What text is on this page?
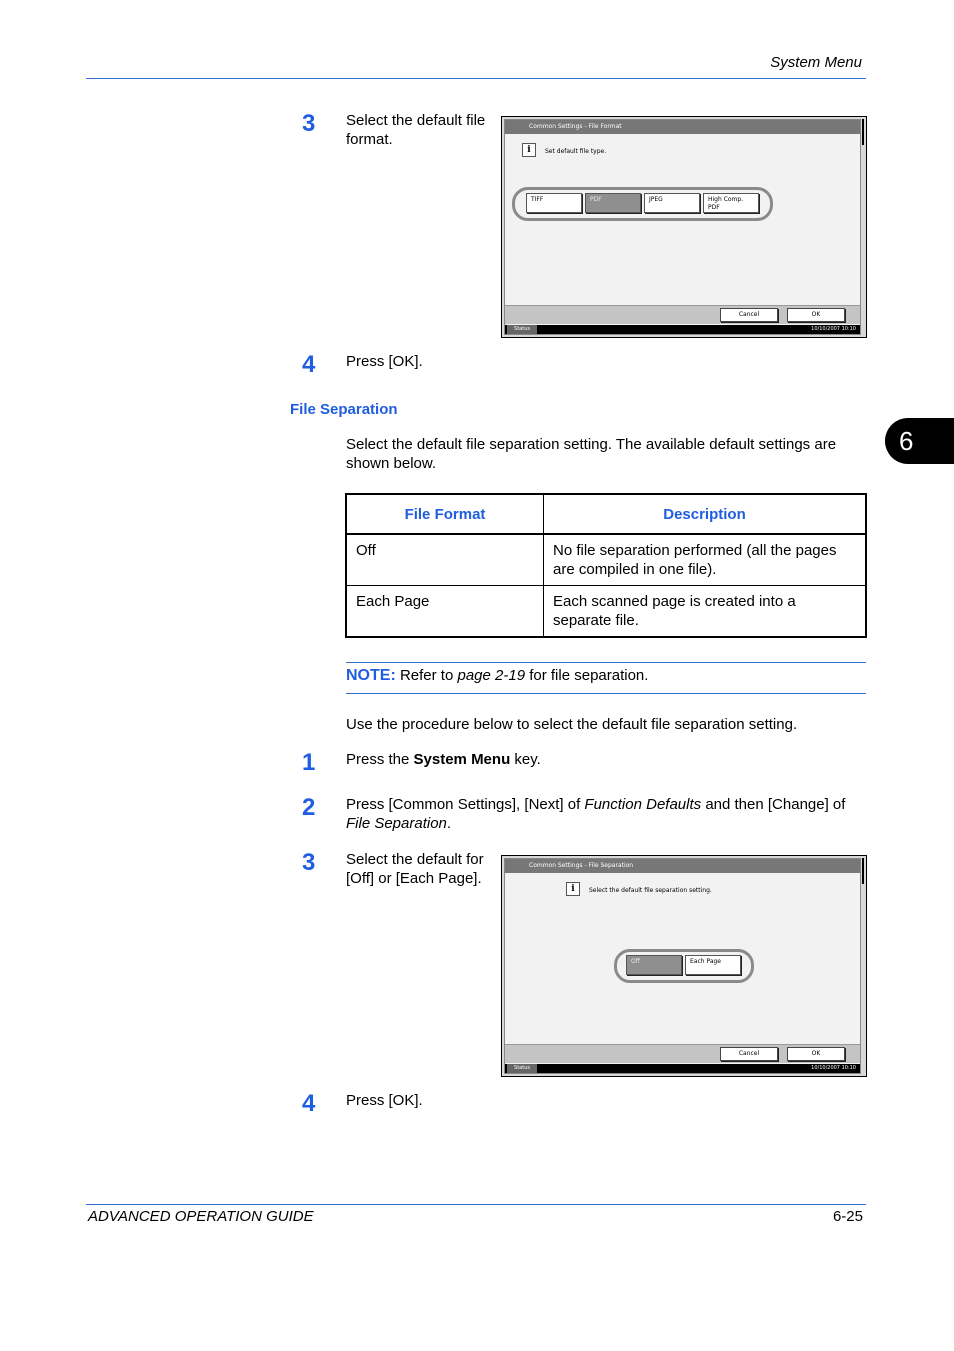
System Menu
6
3 Select the default file format.
Common Settings - File Format
i	Set default file type.
TIFF	PDF	JPEG	High Comp.
PDF
Cancel	OK
Status	10/10/2007 10:10
4 Press [OK].
File Separation
Select the default file separation setting. The available default settings are shown below.
File Format	Description
Off	No file separation performed (all the pages are compiled in one file).
Each Page	Each scanned page is created into a separate file.
NOTE: Refer to page 2-19 for file separation.
Use the procedure below to select the default file separation setting.
1 Press the System Menu key.
2 Press [Common Settings], [Next] of Function Defaults and then [Change] of File Separation.
3 Select the default for [Off] or [Each Page].
Common Settings - File Separation
i	Select the default file separation setting.
Off	Each Page
Cancel	OK
Status	10/10/2007 10:10
4 Press [OK].
ADVANCED OPERATION GUIDE	6-25
